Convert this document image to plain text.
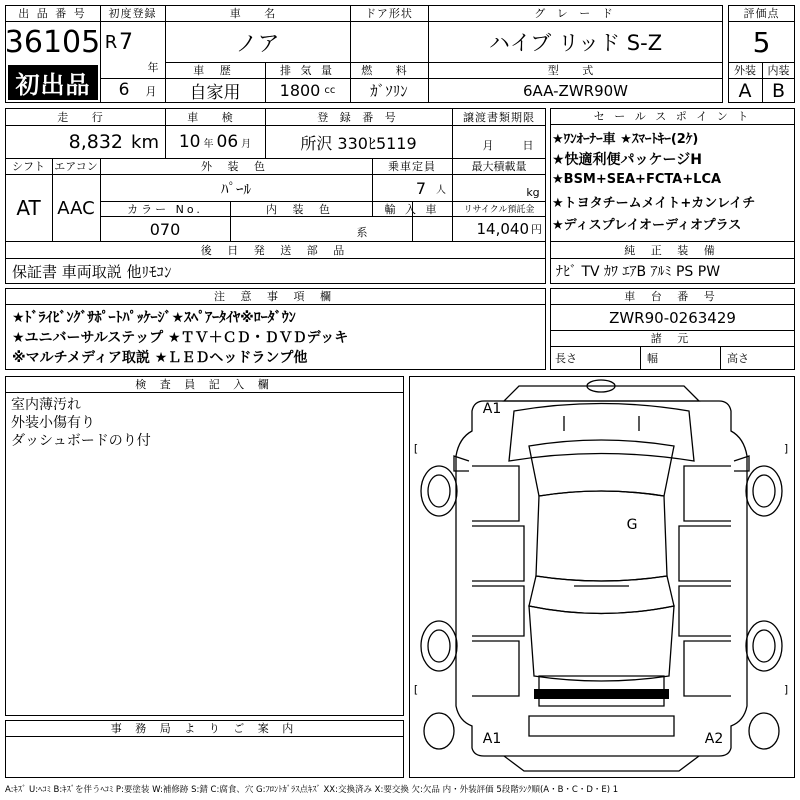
出 品 番 号
36105
初出品
初度登録
R 7
年
6	月
車 名
ノア
ドア形状	グ レ ー ド
ハイブ リッド S-Z
車 歴
自家用
排 気 量
1800 cc
燃 料
ｶﾞｿﾘﾝ
型 式
6AA-ZWR90W
評価点
5
外装	内装
A	B
走 行
8,832 km
車 検
10 年 06 月
登 録 番 号
所沢 330ﾋ5119
譲渡書類期限
月	日
シフト エアコン
AT AAC
外 装 色
ﾊﾟｰﾙ
乗車定員
7 人
最大積載量
kg
カラー No.
070
内 装 色
系
輸 入 車	リサイクル預託金
14,040 円
後 日 発 送 部 品
保証書 車両取説 他ﾘﾓｺﾝ
セ ー ル ス ポ イ ン ト
★ﾜﾝｵｰﾅｰ車 ★ｽﾏｰﾄｷｰ(2ｹ)
★快適利便パッケージH
★BSM+SEA+FCTA+LCA
★トヨタチームメイト+カンレイチ
★ディスプレイオーディオプラス
純 正 装 備
ﾅﾋﾞ TV ｶﾜ ｴｱB ｱﾙﾐ PS PW
注 意 事 項 欄
★ﾄﾞﾗｲﾋﾞﾝｸﾞｻﾎﾟｰﾄﾊﾟｯｹｰｼﾞ★ｽﾍﾟｱｰﾀｲﾔ※ﾛｰﾀﾞｳﾝ
★ユニバーサルステップ ★ＴＶ＋ＣＤ・ＤＶＤデッキ
※マルチメディア取説 ★ＬＥＤヘッドランプ他
車 台 番 号
ZWR90-0263429
諸 元
長さ	幅	高さ
検 査 員 記 入 欄
室内薄汚れ
外装小傷有り
ダッシュボードのり付
事 務 局 よ り ご 案 内
A1
G
A1	A2
[	]
[	]
A:ｷｽﾞ U:ﾍｺﾐ B:ｷｽﾞを伴うﾍｺﾐ P:要塗装 W:補修跡 S:錆 C:腐食、穴 G:ﾌﾛﾝﾄｶﾞﾗｽ点ｷｽﾞ XX:交換済み X:要交換 欠:欠品 内・外装評価 5段階ﾗﾝｸ順(A・B・C・D・E) 1
